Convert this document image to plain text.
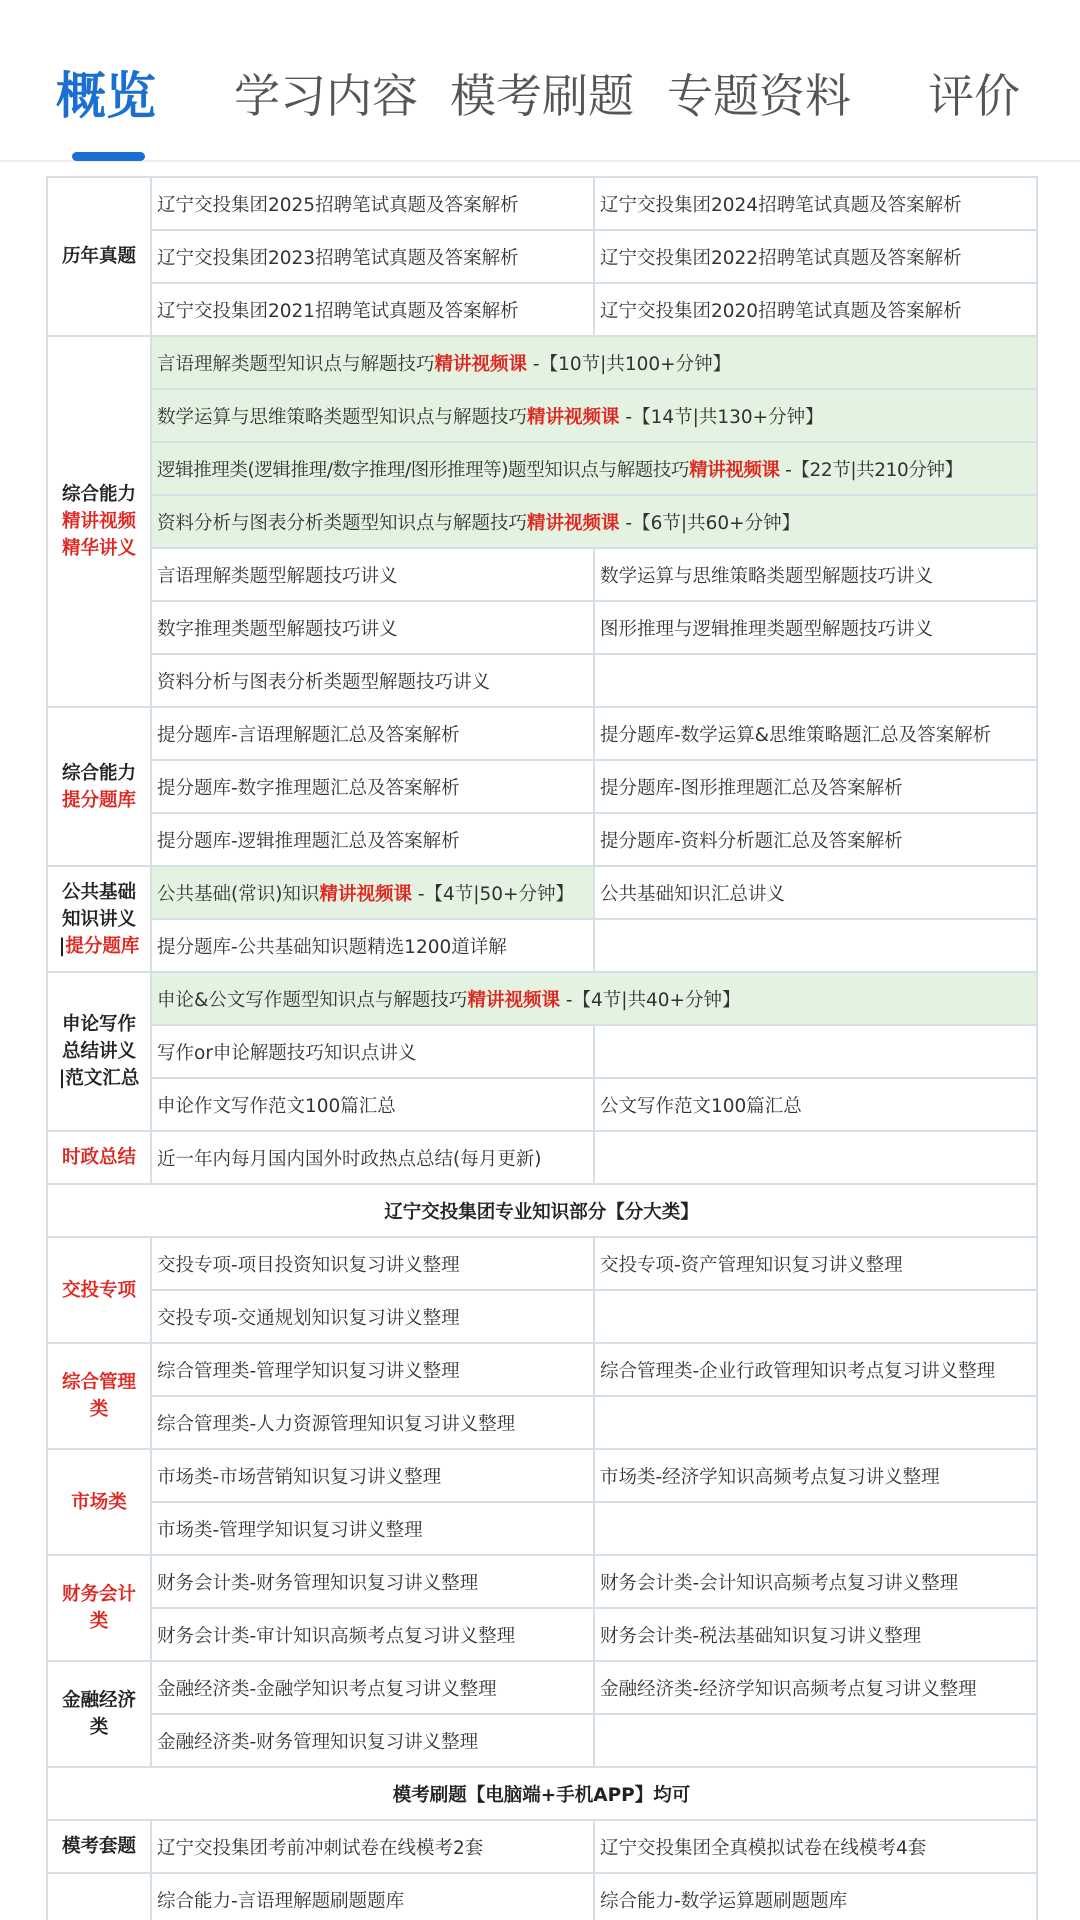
概览 学习内容 模考刷题 专题资料 评价
历年真题	辽宁交投集团2025招聘笔试真题及答案解析	辽宁交投集团2024招聘笔试真题及答案解析
	辽宁交投集团2023招聘笔试真题及答案解析	辽宁交投集团2022招聘笔试真题及答案解析
	辽宁交投集团2021招聘笔试真题及答案解析	辽宁交投集团2020招聘笔试真题及答案解析

综合能力
精讲视频
精华讲义	言语理解类题型知识点与解题技巧精讲视频课 -【10节|共100+分钟】	
	数学运算与思维策略类题型知识点与解题技巧精讲视频课 -【14节|共130+分钟】	
	逻辑推理类(逻辑推理/数字推理/图形推理等)题型知识点与解题技巧精讲视频课 -【22节|共210分钟】	
	资料分析与图表分析类题型知识点与解题技巧精讲视频课 -【6节|共60+分钟】	
	言语理解类题型解题技巧讲义	数学运算与思维策略类题型解题技巧讲义
	数字推理类题型解题技巧讲义	图形推理与逻辑推理类题型解题技巧讲义
	资料分析与图表分析类题型解题技巧讲义	

综合能力
提分题库	提分题库-言语理解题汇总及答案解析	提分题库-数学运算&思维策略题汇总及答案解析
	提分题库-数字推理题汇总及答案解析	提分题库-图形推理题汇总及答案解析
	提分题库-逻辑推理题汇总及答案解析	提分题库-资料分析题汇总及答案解析

公共基础
知识讲义
|提分题库	公共基础(常识)知识精讲视频课 -【4节|50+分钟】	公共基础知识汇总讲义
	提分题库-公共基础知识题精选1200道详解	

申论写作
总结讲义
|范文汇总	申论&公文写作题型知识点与解题技巧精讲视频课 -【4节|共40+分钟】	
	写作or申论解题技巧知识点讲义	
	申论作文写作范文100篇汇总	公文写作范文100篇汇总
时政总结	近一年内每月国内国外时政热点总结(每月更新)	
辽宁交投集团专业知识部分【分大类】		
交投专项	交投专项-项目投资知识复习讲义整理	交投专项-资产管理知识复习讲义整理
	交投专项-交通规划知识复习讲义整理	

综合管理
类	综合管理类-管理学知识复习讲义整理	综合管理类-企业行政管理知识考点复习讲义整理
	综合管理类-人力资源管理知识复习讲义整理	
市场类	市场类-市场营销知识复习讲义整理	市场类-经济学知识高频考点复习讲义整理
	市场类-管理学知识复习讲义整理	

财务会计
类	财务会计类-财务管理知识复习讲义整理	财务会计类-会计知识高频考点复习讲义整理
	财务会计类-审计知识高频考点复习讲义整理	财务会计类-税法基础知识复习讲义整理

金融经济
类	金融经济类-金融学知识考点复习讲义整理	金融经济类-经济学知识高频考点复习讲义整理
	金融经济类-财务管理知识复习讲义整理	
模考刷题【电脑端+手机APP】均可		
模考套题	辽宁交投集团考前冲刺试卷在线模考2套	辽宁交投集团全真模拟试卷在线模考4套
	综合能力-言语理解题刷题题库	综合能力-数学运算题刷题题库
